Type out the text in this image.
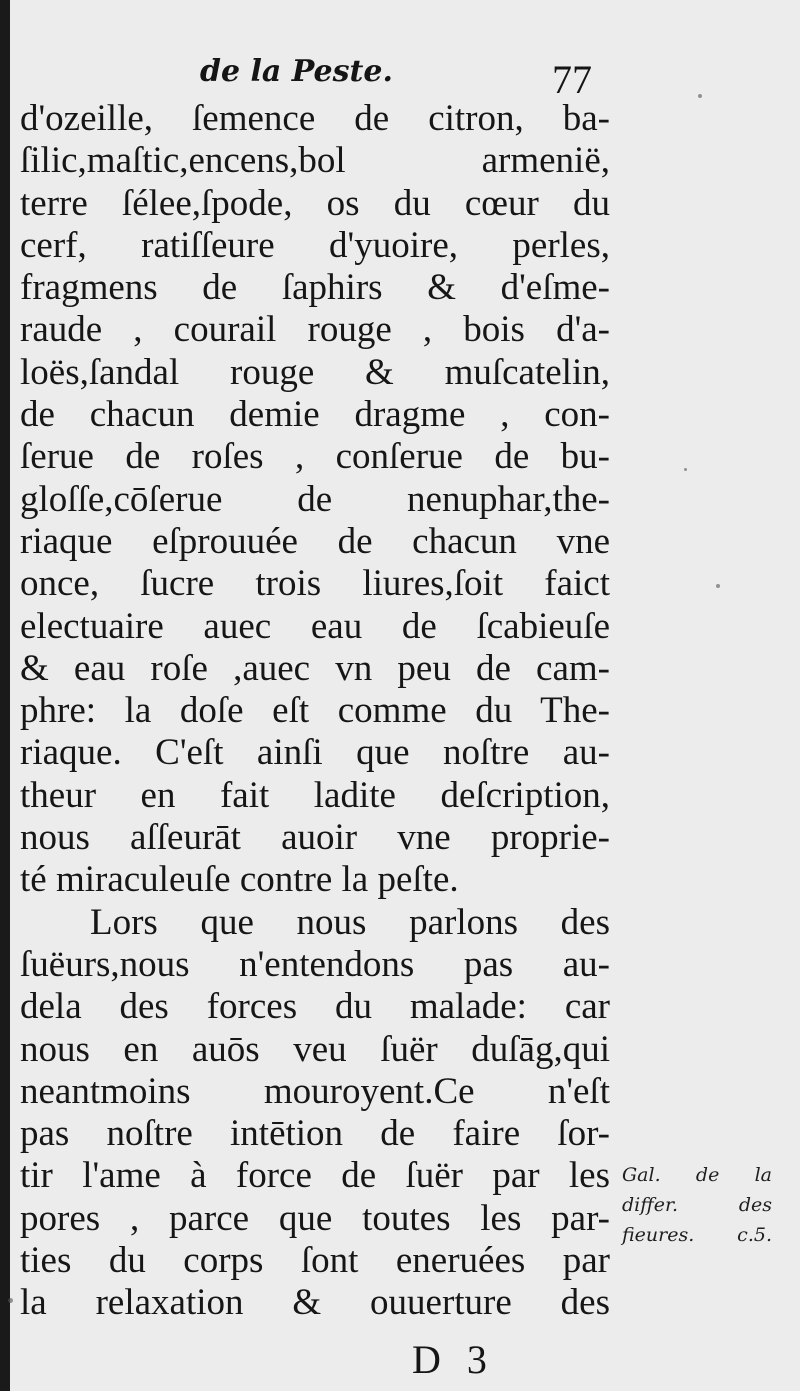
de la Peste.	77
d'ozeille, ſemence de citron, ba-
ſilic,maſtic,encens,bol armenië,
terre ſélee,ſpode, os du cœur du
cerf, ratiſſeure d'yuoire, perles,
fragmens de ſaphirs & d'eſme-
raude , courail rouge , bois d'a-
loës,ſandal rouge & muſcatelin,
de chacun demie dragme , con-
ſerue de roſes , conſerue de bu-
gloſſe,cōſerue de nenuphar,the-
riaque eſprouuée de chacun vne
once, ſucre trois liures,ſoit faict
electuaire auec eau de ſcabieuſe
& eau roſe ,auec vn peu de cam-
phre: la doſe eſt comme du The-
riaque. C'eſt ainſi que noſtre au-
theur en fait ladite deſcription,
nous aſſeurāt auoir vne proprie-
té miraculeuſe contre la peſte.
Lors que nous parlons des
ſuëurs,nous n'entendons pas au-
dela des forces du malade: car
nous en auōs veu ſuër duſāg,qui
neantmoins mouroyent.Ce n'eſt
pas noſtre intētion de faire ſor-
tir l'ame à force de ſuër par les
pores , parce que toutes les par-
ties du corps ſont eneruées par
la relaxation & ouuerture des
Gal. de la
differ. des
fieures. c.5.
D 3
